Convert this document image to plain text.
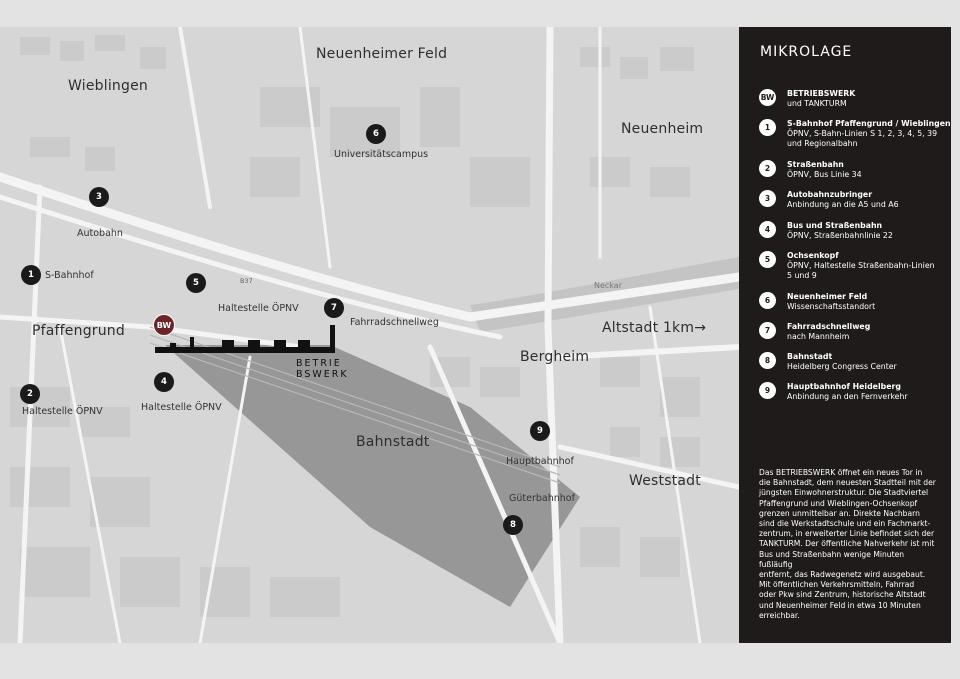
Neuenheimer Feld
Wieblingen
Neuenheim
Pfaffengrund	Altstadt 1km→
Bergheim
Bahnstadt
Weststadt
B37	Neckar
BETRIE
BSWERK
BW
1	S-Bahnhof
2
Haltestelle ÖPNV
3
Autobahn
4
Haltestelle ÖPNV
5
Haltestelle ÖPNV
6
Universitätscampus
7
Fahrradschnellweg
8
Güterbahnhof
9
Hauptbahnhof
MIKROLAGE
BW BETRIEBSWERK
und TANKTURM
1	S-Bahnhof Pfaffengrund / Wieblingen
ÖPNV, S-Bahn-Linien S 1, 2, 3, 4, 5, 39
und Regionalbahn
2	Straßenbahn
ÖPNV, Bus Linie 34
3	Autobahnzubringer
Anbindung an die A5 und A6
4	Bus und Straßenbahn
ÖPNV, Straßenbahnlinie 22
5	Ochsenkopf
ÖPNV, Haltestelle Straßenbahn-Linien
5 und 9
6	Neuenheimer Feld
Wissenschaftsstandort
7	Fahrradschnellweg
nach Mannheim
8	Bahnstadt
Heidelberg Congress Center
9	Hauptbahnhof Heidelberg
Anbindung an den Fernverkehr

Das BETRIEBSWERK öffnet ein neues Tor in

die Bahnstadt, dem neuesten Stadtteil mit der

jüngsten Einwohnerstruktur. Die Stadtviertel

Pfaffengrund und Wieblingen-Ochsenkopf

grenzen unmittelbar an. Direkte Nachbarn

sind die Werkstadtschule und ein Fachmarkt-

zentrum, in erweiterter Linie befindet sich der

TANKTURM. Der öffentliche Nahverkehr ist mit

Bus und Straßenbahn wenige Minuten fußläufig

entfernt, das Radwegenetz wird ausgebaut.

Mit öffentlichen Verkehrsmitteln, Fahrrad

oder Pkw sind Zentrum, historische Altstadt

und Neuenheimer Feld in etwa 10 Minuten

erreichbar.
